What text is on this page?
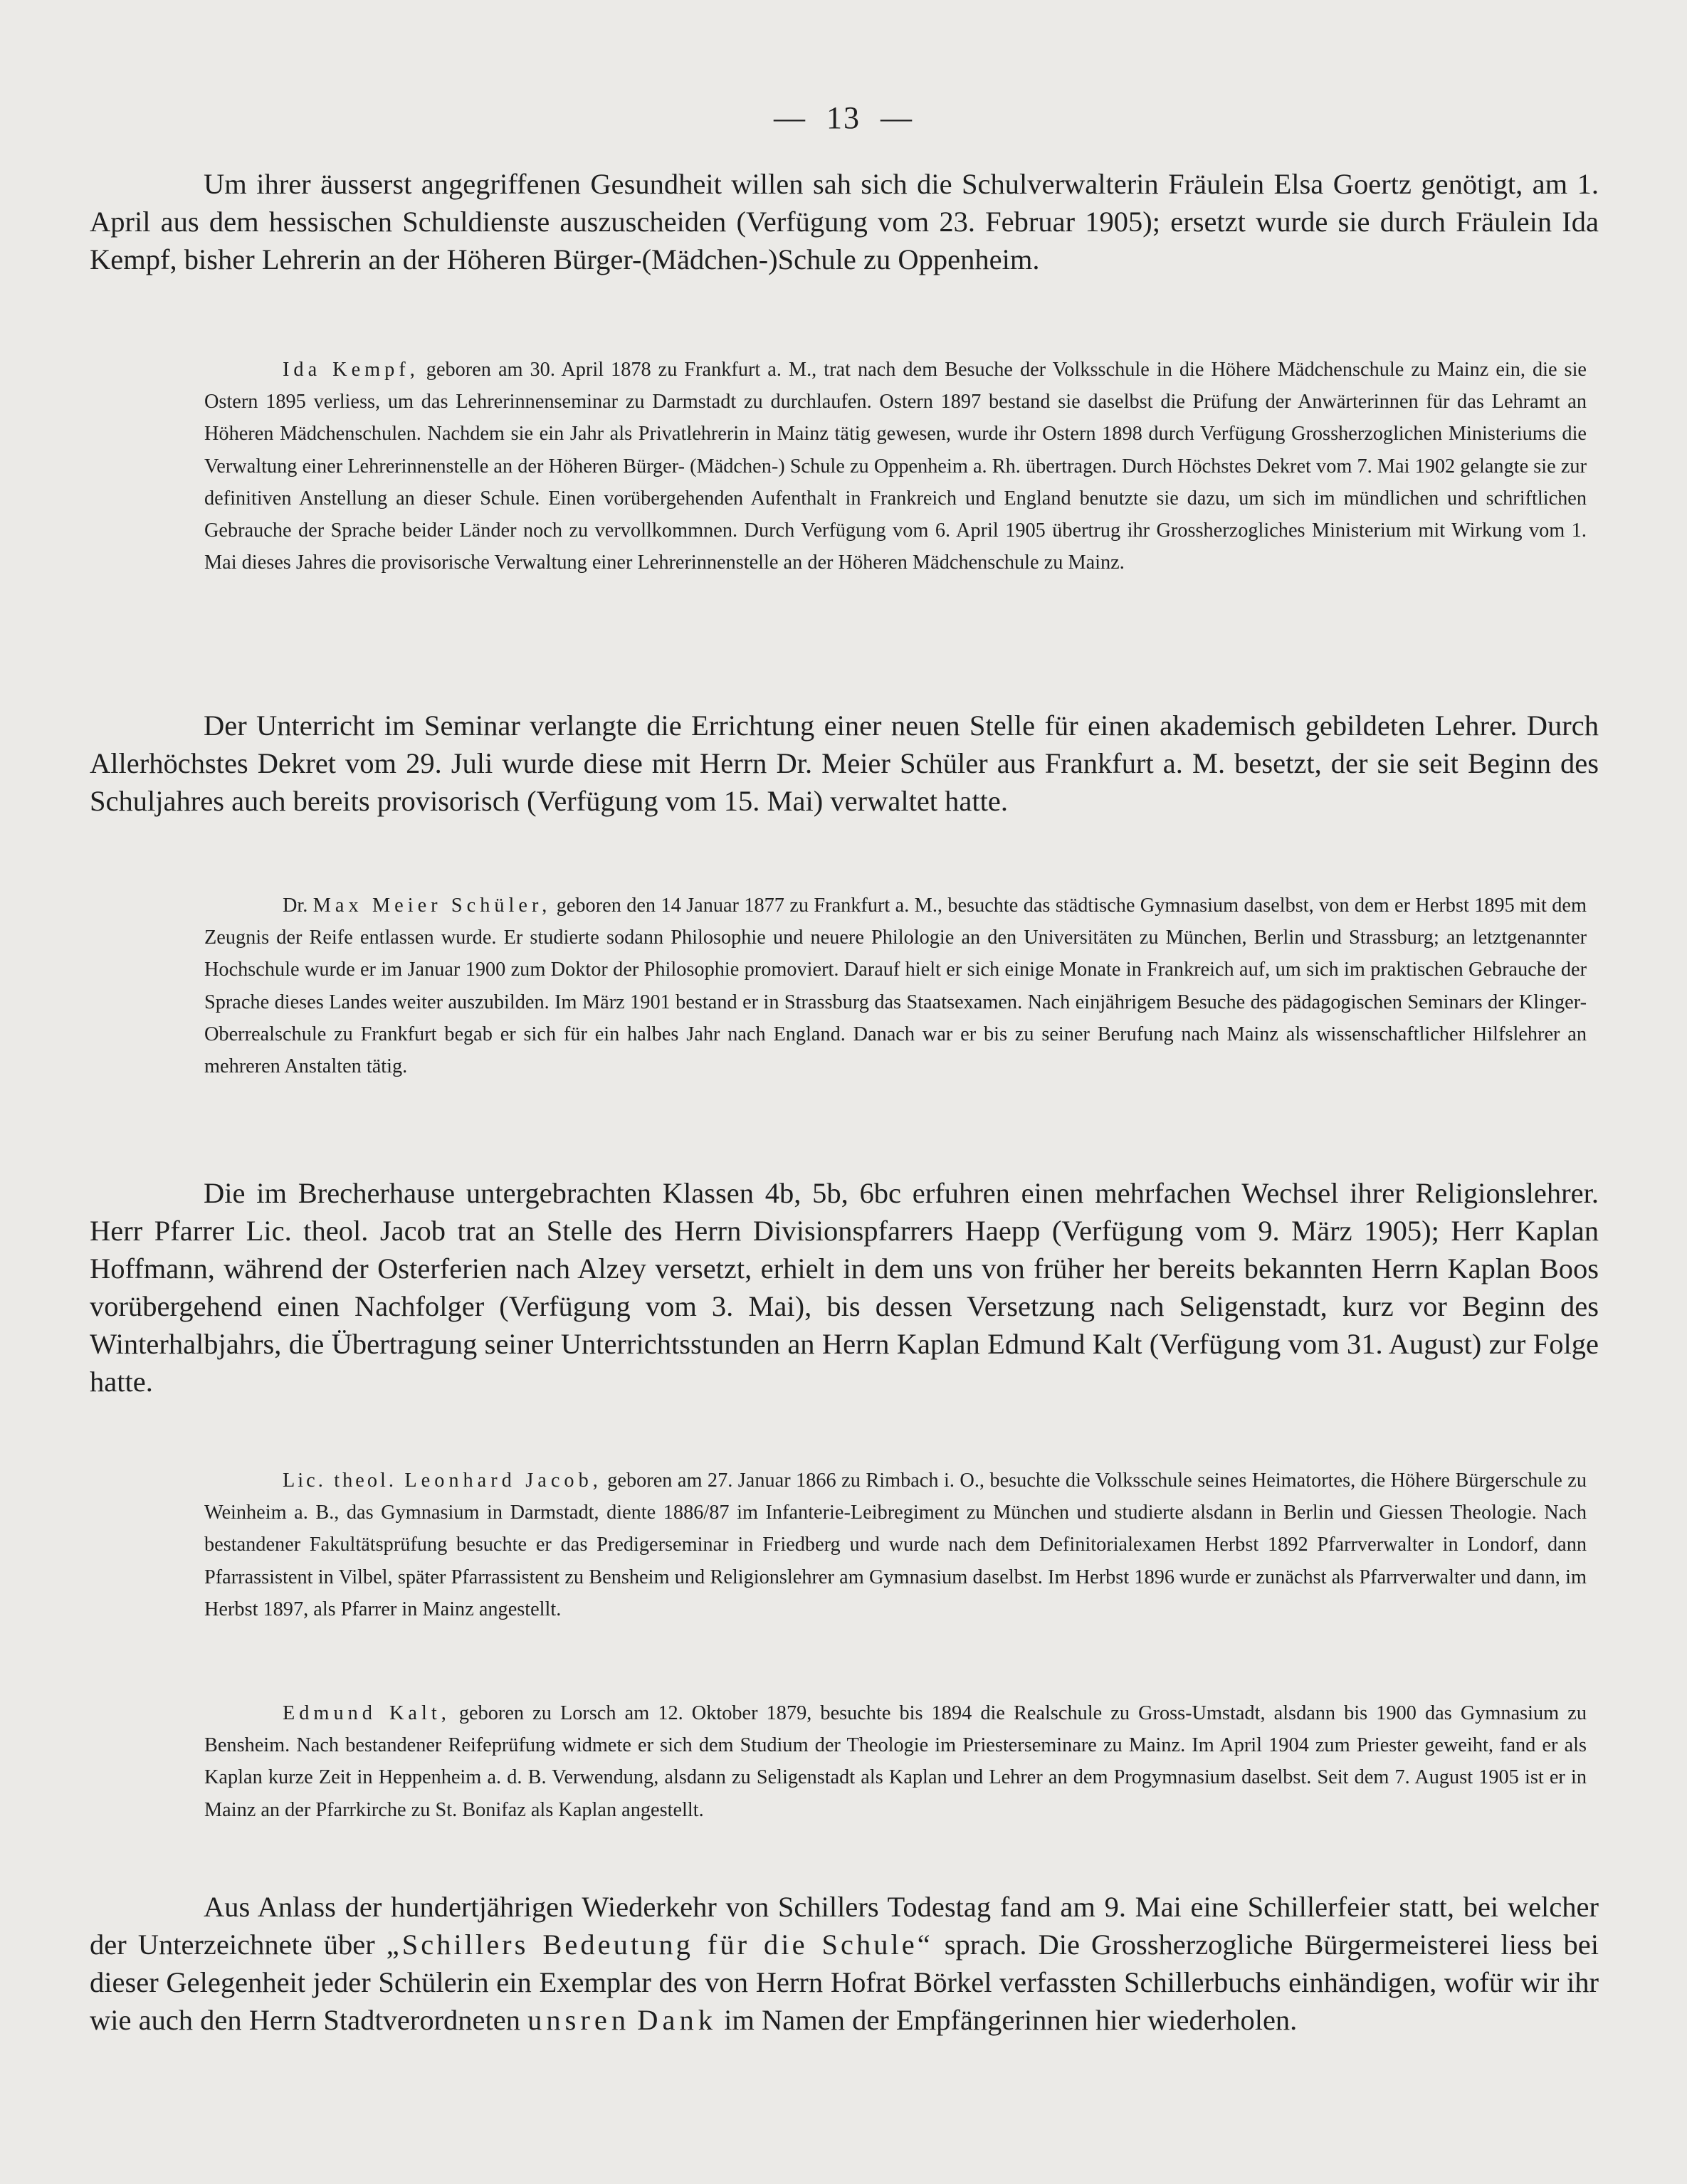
— 13 —

Um ihrer äusserst angegriffenen Gesundheit willen sah sich die Schulverwalterin Fräulein Elsa Goertz genötigt, am 1. April aus dem hessischen Schuldienste auszuscheiden (Verfügung vom 23. Februar 1905); ersetzt wurde sie durch Fräulein Ida Kempf, bisher Lehrerin an der Höheren Bürger-(Mädchen-)Schule zu Oppenheim.

Ida Kempf, geboren am 30. April 1878 zu Frankfurt a. M., trat nach dem Besuche der Volksschule in die Höhere Mädchenschule zu Mainz ein, die sie Ostern 1895 verliess, um das Lehrerinnenseminar zu Darmstadt zu durchlaufen. Ostern 1897 bestand sie daselbst die Prüfung der Anwärterinnen für das Lehramt an Höheren Mädchenschulen. Nachdem sie ein Jahr als Privatlehrerin in Mainz tätig gewesen, wurde ihr Ostern 1898 durch Verfügung Grossherzoglichen Ministeriums die Verwaltung einer Lehrerinnenstelle an der Höheren Bürger- (Mädchen-) Schule zu Oppenheim a. Rh. übertragen. Durch Höchstes Dekret vom 7. Mai 1902 gelangte sie zur definitiven Anstellung an dieser Schule. Einen vorübergehenden Aufenthalt in Frankreich und England benutzte sie dazu, um sich im mündlichen und schriftlichen Gebrauche der Sprache beider Länder noch zu vervollkommnen. Durch Verfügung vom 6. April 1905 übertrug ihr Grossherzogliches Ministerium mit Wirkung vom 1. Mai dieses Jahres die provisorische Verwaltung einer Lehrerinnenstelle an der Höheren Mädchenschule zu Mainz.

Der Unterricht im Seminar verlangte die Errichtung einer neuen Stelle für einen akademisch gebildeten Lehrer. Durch Allerhöchstes Dekret vom 29. Juli wurde diese mit Herrn Dr. Meier Schüler aus Frankfurt a. M. besetzt, der sie seit Beginn des Schuljahres auch bereits provisorisch (Verfügung vom 15. Mai) verwaltet hatte.

Dr. Max Meier Schüler, geboren den 14 Januar 1877 zu Frankfurt a. M., besuchte das städtische Gymnasium daselbst, von dem er Herbst 1895 mit dem Zeugnis der Reife entlassen wurde. Er studierte sodann Philosophie und neuere Philologie an den Universitäten zu München, Berlin und Strassburg; an letztgenannter Hochschule wurde er im Januar 1900 zum Doktor der Philosophie promoviert. Darauf hielt er sich einige Monate in Frankreich auf, um sich im praktischen Gebrauche der Sprache dieses Landes weiter auszubilden. Im März 1901 bestand er in Strassburg das Staatsexamen. Nach einjährigem Besuche des pädagogischen Seminars der Klinger-Oberrealschule zu Frankfurt begab er sich für ein halbes Jahr nach England. Danach war er bis zu seiner Berufung nach Mainz als wissenschaftlicher Hilfslehrer an mehreren Anstalten tätig.

Die im Brecherhause untergebrachten Klassen 4b, 5b, 6bc erfuhren einen mehrfachen Wechsel ihrer Religionslehrer. Herr Pfarrer Lic. theol. Jacob trat an Stelle des Herrn Divisionspfarrers Haepp (Verfügung vom 9. März 1905); Herr Kaplan Hoffmann, während der Osterferien nach Alzey versetzt, erhielt in dem uns von früher her bereits bekannten Herrn Kaplan Boos vorübergehend einen Nachfolger (Verfügung vom 3. Mai), bis dessen Versetzung nach Seligenstadt, kurz vor Beginn des Winterhalbjahrs, die Übertragung seiner Unterrichtsstunden an Herrn Kaplan Edmund Kalt (Verfügung vom 31. August) zur Folge hatte.

Lic. theol. Leonhard Jacob, geboren am 27. Januar 1866 zu Rimbach i. O., besuchte die Volksschule seines Heimatortes, die Höhere Bürgerschule zu Weinheim a. B., das Gymnasium in Darmstadt, diente 1886/87 im Infanterie-Leibregiment zu München und studierte alsdann in Berlin und Giessen Theologie. Nach bestandener Fakultätsprüfung besuchte er das Predigerseminar in Friedberg und wurde nach dem Definitorialexamen Herbst 1892 Pfarrverwalter in Londorf, dann Pfarrassistent in Vilbel, später Pfarrassistent zu Bensheim und Religionslehrer am Gymnasium daselbst. Im Herbst 1896 wurde er zunächst als Pfarrverwalter und dann, im Herbst 1897, als Pfarrer in Mainz angestellt.

Edmund Kalt, geboren zu Lorsch am 12. Oktober 1879, besuchte bis 1894 die Realschule zu Gross-Umstadt, alsdann bis 1900 das Gymnasium zu Bensheim. Nach bestandener Reifeprüfung widmete er sich dem Studium der Theologie im Priesterseminare zu Mainz. Im April 1904 zum Priester geweiht, fand er als Kaplan kurze Zeit in Heppenheim a. d. B. Verwendung, alsdann zu Seligenstadt als Kaplan und Lehrer an dem Progymnasium daselbst. Seit dem 7. August 1905 ist er in Mainz an der Pfarrkirche zu St. Bonifaz als Kaplan angestellt.

Aus Anlass der hundertjährigen Wiederkehr von Schillers Todestag fand am 9. Mai eine Schillerfeier statt, bei welcher der Unterzeichnete über „Schillers Bedeutung für die Schule“ sprach. Die Grossherzogliche Bürgermeisterei liess bei dieser Gelegenheit jeder Schülerin ein Exemplar des von Herrn Hofrat Börkel verfassten Schillerbuchs einhändigen, wofür wir ihr wie auch den Herrn Stadtverordneten unsren Dank im Namen der Empfängerinnen hier wiederholen.
